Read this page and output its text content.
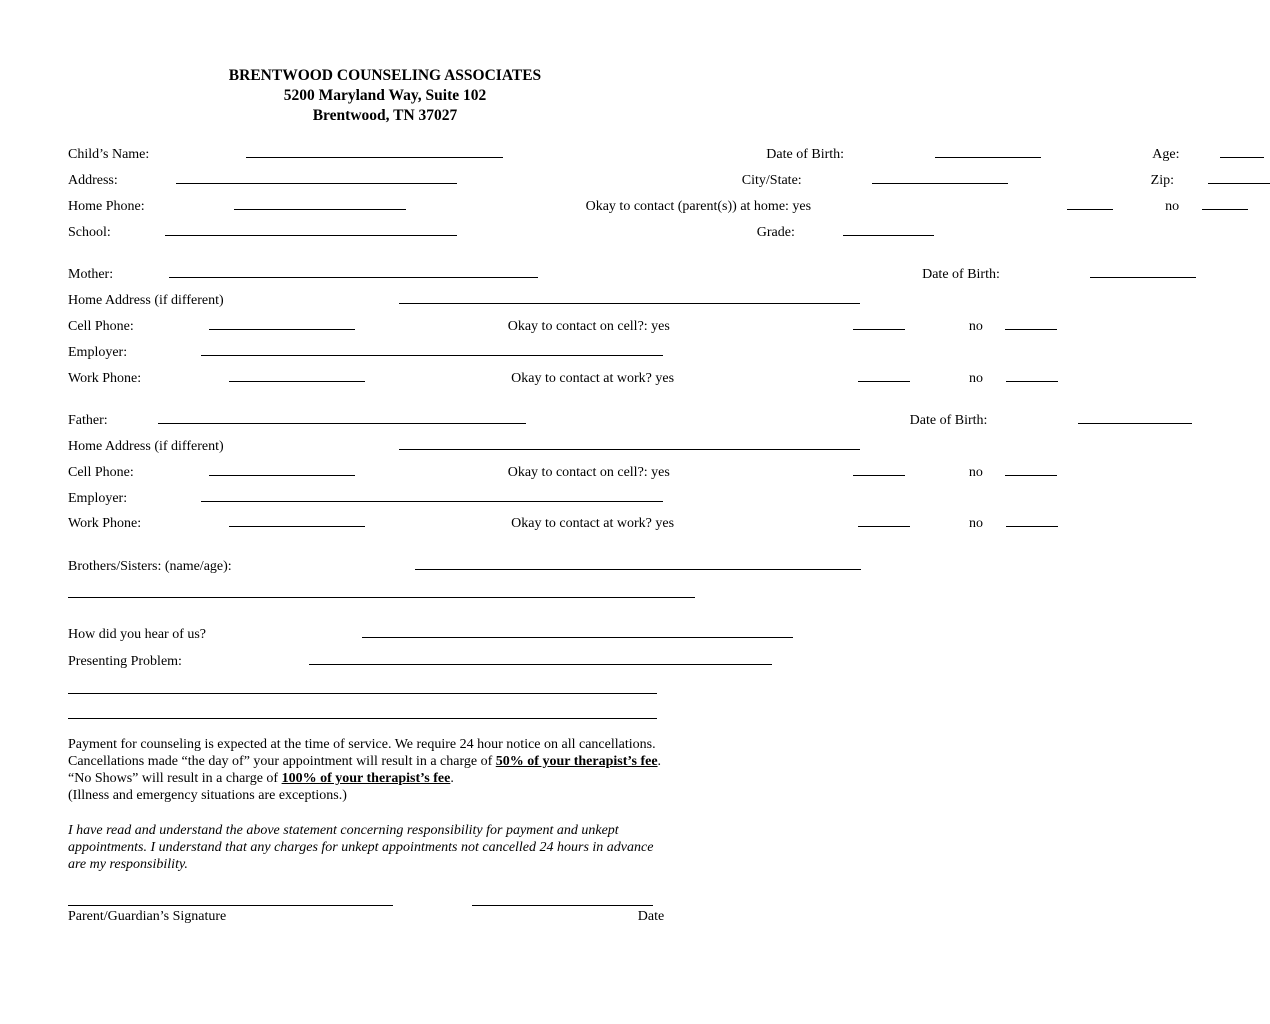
BRENTWOOD COUNSELING ASSOCIATES
5200 Maryland Way, Suite 102
Brentwood, TN 37027
Child’s Name:	Date of Birth:	Age:
Address:	City/State:	Zip:
Home Phone:	Okay to contact (parent(s)) at home: yes	no
School:	Grade:
Mother:	Date of Birth:
Home Address (if different)
Cell Phone:	Okay to contact on cell?: yes	no
Employer:
Work Phone:	Okay to contact at work? yes	no
Father:	Date of Birth:
Home Address (if different)
Cell Phone:	Okay to contact on cell?: yes	no
Employer:
Work Phone:	Okay to contact at work? yes	no
Brothers/Sisters: (name/age):
How did you hear of us?
Presenting Problem:
Payment for counseling is expected at the time of service. We require 24 hour notice on all cancellations. Cancellations made “the day of” your appointment will result in a charge of 50% of your therapist’s fee. “No Shows” will result in a charge of 100% of your therapist’s fee.
(Illness and emergency situations are exceptions.)
I have read and understand the above statement concerning responsibility for payment and unkept appointments. I understand that any charges for unkept appointments not cancelled 24 hours in advance are my responsibility.
Parent/Guardian’s Signature	Date
